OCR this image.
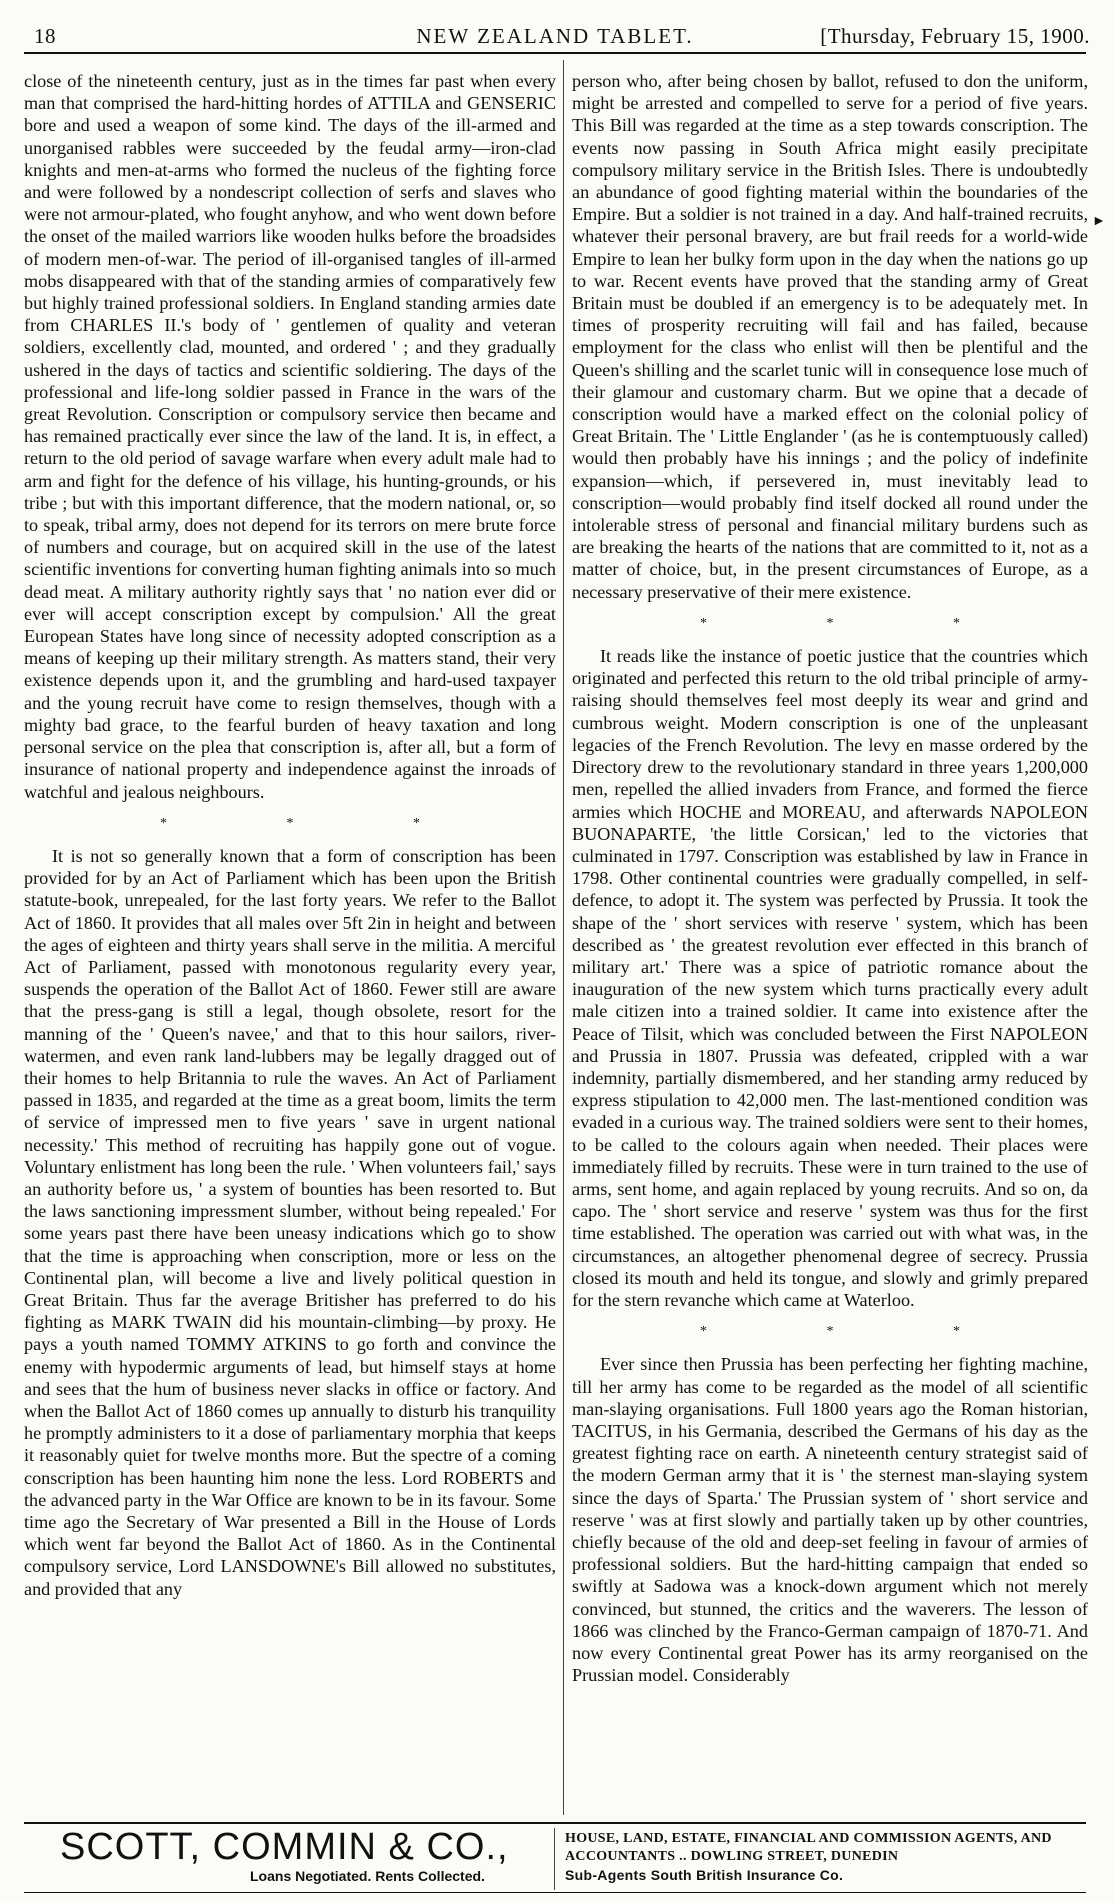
18	NEW ZEALAND TABLET.	[Thursday, February 15, 1900.

close of the nineteenth century, just as in the times far past when every man that comprised the hard-hitting hordes of ATTILA and GENSERIC bore and used a weapon of some kind. The days of the ill-armed and unorganised rabbles were succeeded by the feudal army—iron-clad knights and men-at-arms who formed the nucleus of the fighting force and were followed by a nondescript collection of serfs and slaves who were not armour-plated, who fought anyhow, and who went down before the onset of the mailed warriors like wooden hulks before the broadsides of modern men-of-war. The period of ill-organised tangles of ill-armed mobs disappeared with that of the standing armies of comparatively few but highly trained professional soldiers. In England standing armies date from CHARLES II.'s body of ' gentlemen of quality and veteran soldiers, excellently clad, mounted, and ordered ' ; and they gradually ushered in the days of tactics and scientific soldiering. The days of the professional and life-long soldier passed in France in the wars of the great Revolution. Conscription or compulsory service then became and has remained practically ever since the law of the land. It is, in effect, a return to the old period of savage warfare when every adult male had to arm and fight for the defence of his village, his hunting-grounds, or his tribe ; but with this important difference, that the modern national, or, so to speak, tribal army, does not depend for its terrors on mere brute force of numbers and courage, but on acquired skill in the use of the latest scientific inventions for converting human fighting animals into so much dead meat. A military authority rightly says that ' no nation ever did or ever will accept conscription except by compulsion.' All the great European States have long since of necessity adopted conscription as a means of keeping up their military strength. As matters stand, their very existence depends upon it, and the grumbling and hard-used taxpayer and the young recruit have come to resign themselves, though with a mighty bad grace, to the fearful burden of heavy taxation and long personal service on the plea that conscription is, after all, but a form of insurance of national property and independence against the inroads of watchful and jealous neighbours.

* * *

It is not so generally known that a form of conscription has been provided for by an Act of Parliament which has been upon the British statute-book, unrepealed, for the last forty years. We refer to the Ballot Act of 1860. It provides that all males over 5ft 2in in height and between the ages of eighteen and thirty years shall serve in the militia. A merciful Act of Parliament, passed with monotonous regularity every year, suspends the operation of the Ballot Act of 1860. Fewer still are aware that the press-gang is still a legal, though obsolete, resort for the manning of the ' Queen's navee,' and that to this hour sailors, river-watermen, and even rank land-lubbers may be legally dragged out of their homes to help Britannia to rule the waves. An Act of Parliament passed in 1835, and regarded at the time as a great boom, limits the term of service of impressed men to five years ' save in urgent national necessity.' This method of recruiting has happily gone out of vogue. Voluntary enlistment has long been the rule. ' When volunteers fail,' says an authority before us, ' a system of bounties has been resorted to. But the laws sanctioning impressment slumber, without being repealed.' For some years past there have been uneasy indications which go to show that the time is approaching when conscription, more or less on the Continental plan, will become a live and lively political question in Great Britain. Thus far the average Britisher has preferred to do his fighting as MARK TWAIN did his mountain-climbing—by proxy. He pays a youth named TOMMY ATKINS to go forth and convince the enemy with hypodermic arguments of lead, but himself stays at home and sees that the hum of business never slacks in office or factory. And when the Ballot Act of 1860 comes up annually to disturb his tranquility he promptly administers to it a dose of parliamentary morphia that keeps it reasonably quiet for twelve months more. But the spectre of a coming conscription has been haunting him none the less. Lord ROBERTS and the advanced party in the War Office are known to be in its favour. Some time ago the Secretary of War presented a Bill in the House of Lords which went far beyond the Ballot Act of 1860. As in the Continental compulsory service, Lord LANSDOWNE's Bill allowed no substitutes, and provided that any

person who, after being chosen by ballot, refused to don the uniform, might be arrested and compelled to serve for a period of five years. This Bill was regarded at the time as a step towards conscription. The events now passing in South Africa might easily precipitate compulsory military service in the British Isles. There is undoubtedly an abundance of good fighting material within the boundaries of the Empire. But a soldier is not trained in a day. And half-trained recruits, whatever their personal bravery, are but frail reeds for a world-wide Empire to lean her bulky form upon in the day when the nations go up to war. Recent events have proved that the standing army of Great Britain must be doubled if an emergency is to be adequately met. In times of prosperity recruiting will fail and has failed, because employment for the class who enlist will then be plentiful and the Queen's shilling and the scarlet tunic will in consequence lose much of their glamour and customary charm. But we opine that a decade of conscription would have a marked effect on the colonial policy of Great Britain. The ' Little Englander ' (as he is contemptuously called) would then probably have his innings ; and the policy of indefinite expansion—which, if persevered in, must inevitably lead to conscription—would probably find itself docked all round under the intolerable stress of personal and financial military burdens such as are breaking the hearts of the nations that are committed to it, not as a matter of choice, but, in the present circumstances of Europe, as a necessary preservative of their mere existence.

* * *

It reads like the instance of poetic justice that the countries which originated and perfected this return to the old tribal principle of army-raising should themselves feel most deeply its wear and grind and cumbrous weight. Modern conscription is one of the unpleasant legacies of the French Revolution. The levy en masse ordered by the Directory drew to the revolutionary standard in three years 1,200,000 men, repelled the allied invaders from France, and formed the fierce armies which HOCHE and MOREAU, and afterwards NAPOLEON BUONAPARTE, 'the little Corsican,' led to the victories that culminated in 1797. Conscription was established by law in France in 1798. Other continental countries were gradually compelled, in self-defence, to adopt it. The system was perfected by Prussia. It took the shape of the ' short services with reserve ' system, which has been described as ' the greatest revolution ever effected in this branch of military art.' There was a spice of patriotic romance about the inauguration of the new system which turns practically every adult male citizen into a trained soldier. It came into existence after the Peace of Tilsit, which was concluded between the First NAPOLEON and Prussia in 1807. Prussia was defeated, crippled with a war indemnity, partially dismembered, and her standing army reduced by express stipulation to 42,000 men. The last-mentioned condition was evaded in a curious way. The trained soldiers were sent to their homes, to be called to the colours again when needed. Their places were immediately filled by recruits. These were in turn trained to the use of arms, sent home, and again replaced by young recruits. And so on, da capo. The ' short service and reserve ' system was thus for the first time established. The operation was carried out with what was, in the circumstances, an altogether phenomenal degree of secrecy. Prussia closed its mouth and held its tongue, and slowly and grimly prepared for the stern revanche which came at Waterloo.

* * *

Ever since then Prussia has been perfecting her fighting machine, till her army has come to be regarded as the model of all scientific man-slaying organisations. Full 1800 years ago the Roman historian, TACITUS, in his Germania, described the Germans of his day as the greatest fighting race on earth. A nineteenth century strategist said of the modern German army that it is ' the sternest man-slaying system since the days of Sparta.' The Prussian system of ' short service and reserve ' was at first slowly and partially taken up by other countries, chiefly because of the old and deep-set feeling in favour of armies of professional soldiers. But the hard-hitting campaign that ended so swiftly at Sadowa was a knock-down argument which not merely convinced, but stunned, the critics and the waverers. The lesson of 1866 was clinched by the Franco-German campaign of 1870-71. And now every Continental great Power has its army reorganised on the Prussian model. Considerably

►
SCOTT, COMMIN & CO.,
Loans Negotiated. Rents Collected.
HOUSE, LAND, ESTATE, FINANCIAL AND COMMISSION AGENTS, AND
ACCOUNTANTS .. DOWLING STREET, DUNEDIN
Sub-Agents South British Insurance Co.
